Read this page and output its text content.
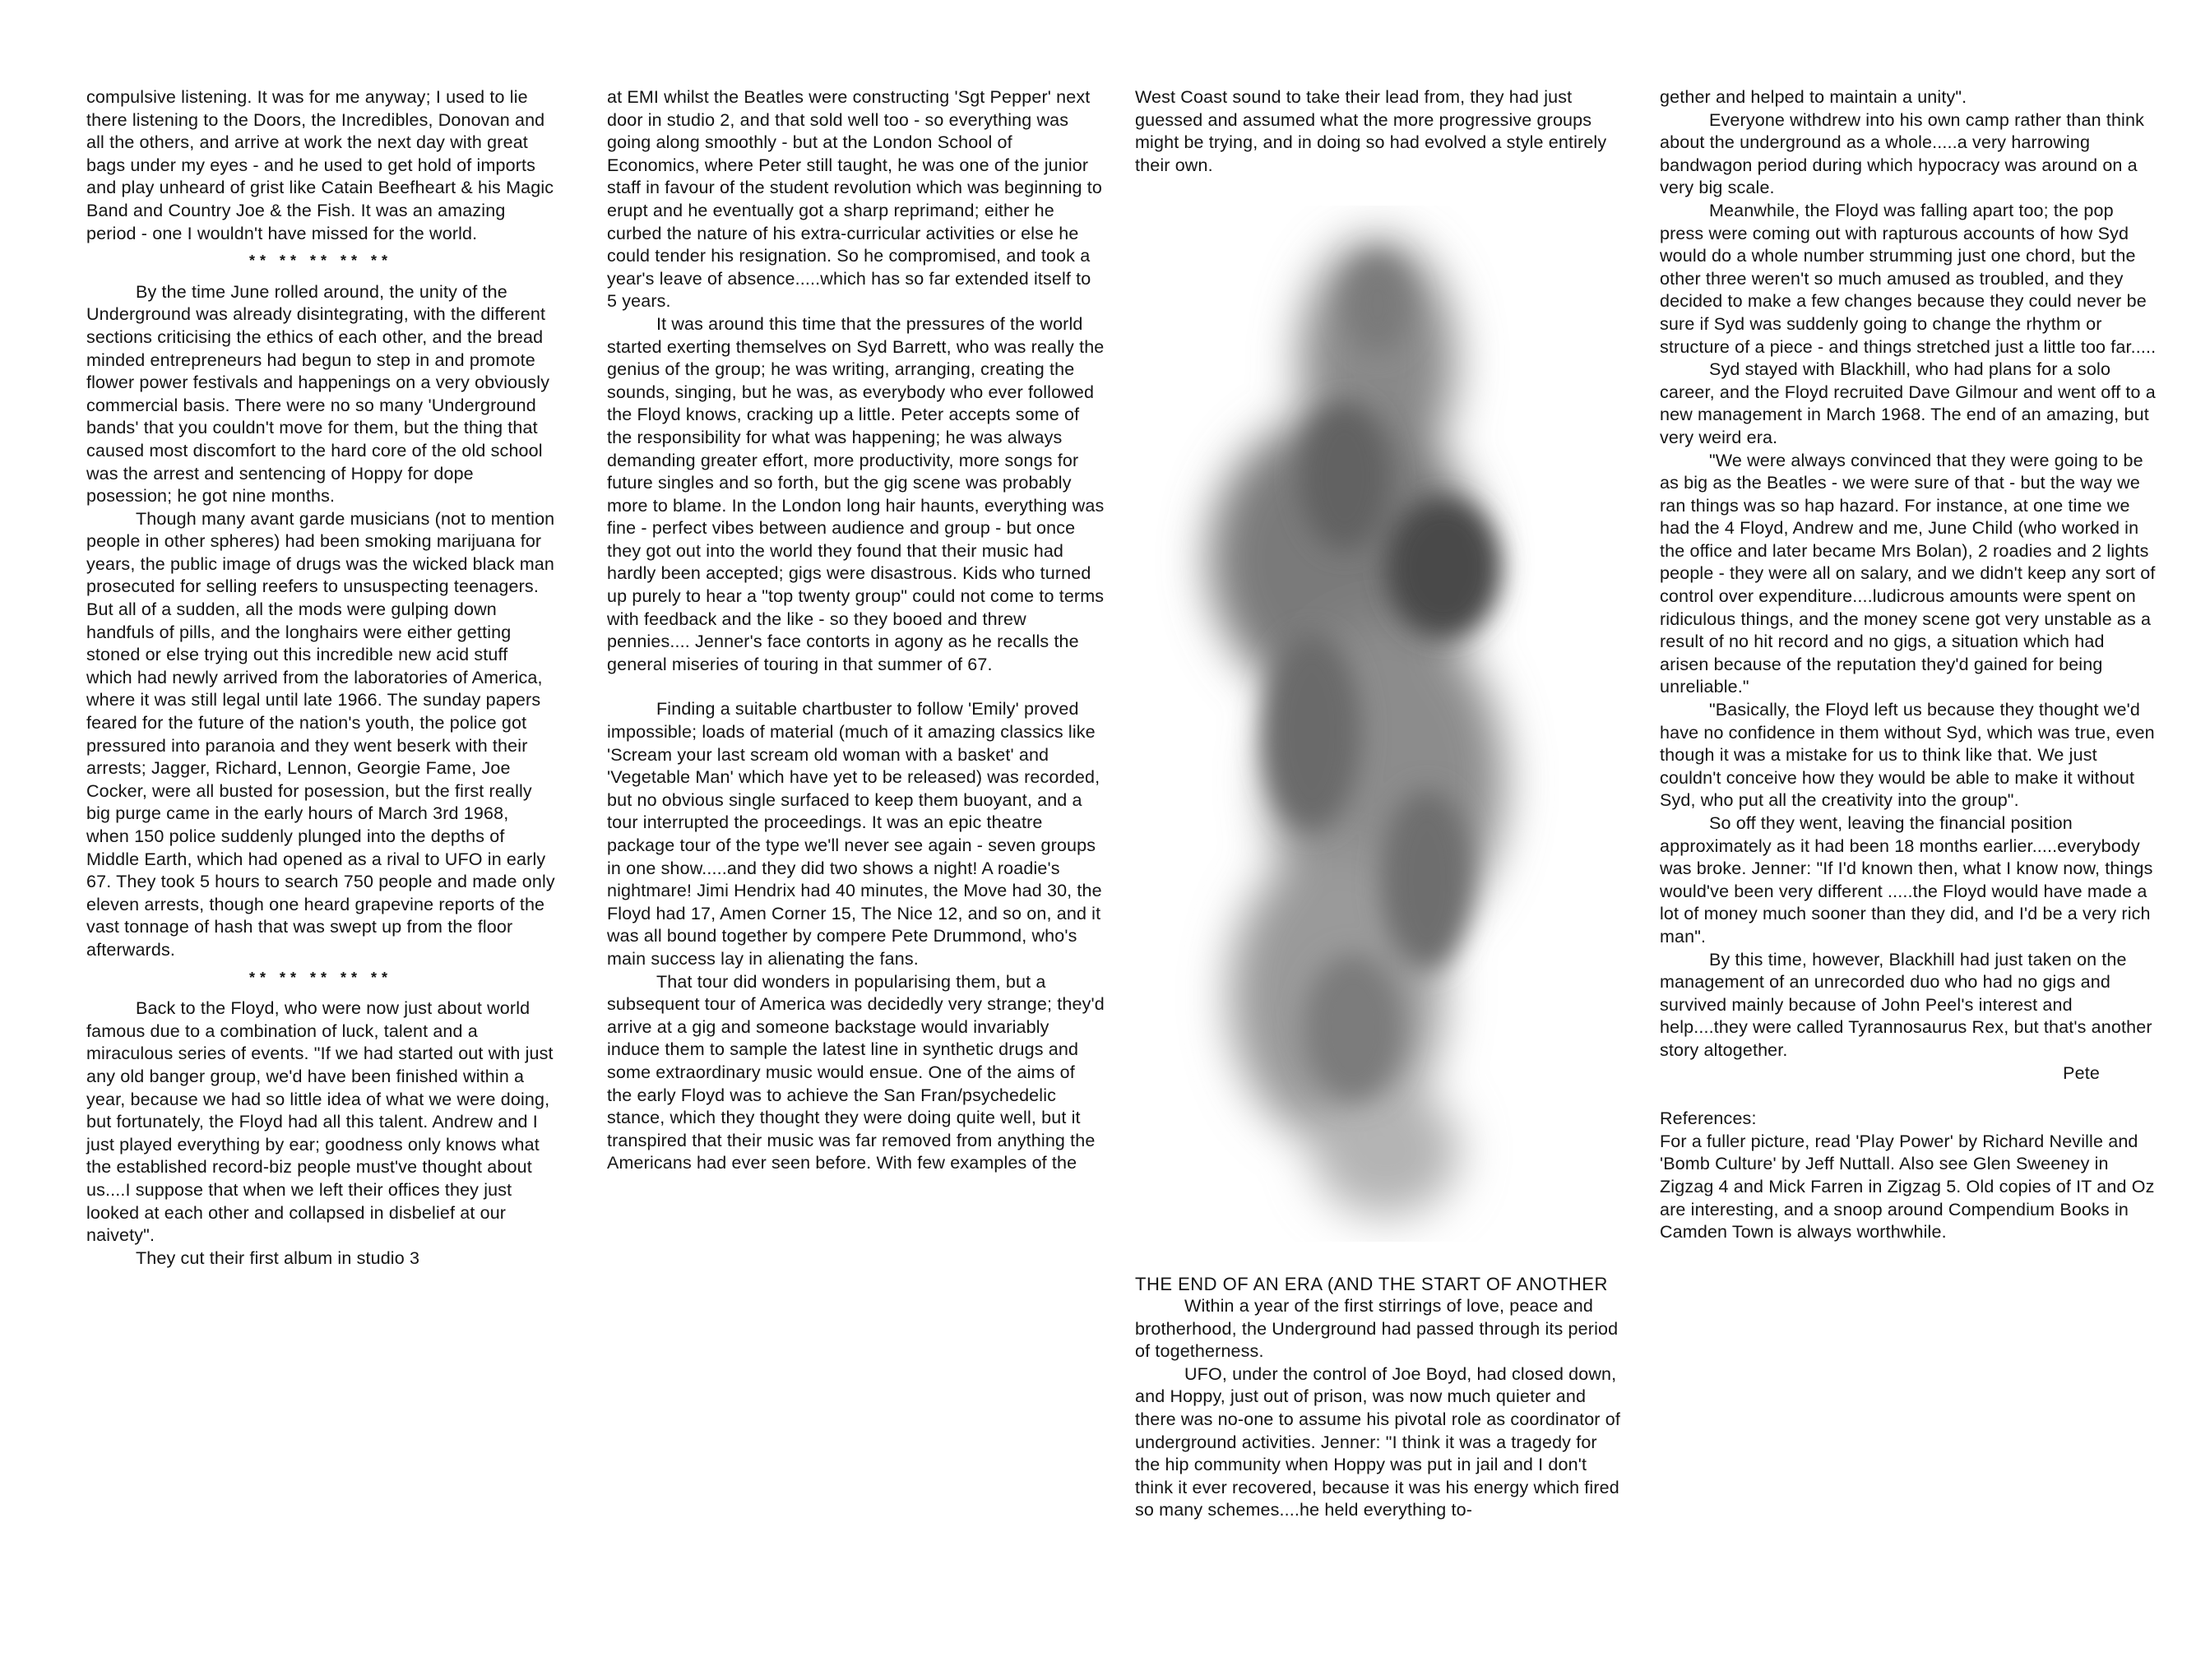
compulsive listening. It was for me anyway; I used to lie there listening to the Doors, the Incredibles, Donovan and all the others, and arrive at work the next day with great bags under my eyes - and he used to get hold of imports and play unheard of grist like Catain Beefheart & his Magic Band and Country Joe & the Fish. It was an amazing period - one I wouldn't have missed for the world.

** ** ** ** **

By the time June rolled around, the unity of the Underground was already disintegrating, with the different sections criticising the ethics of each other, and the bread minded entrepreneurs had begun to step in and promote flower power festivals and happenings on a very obviously commercial basis. There were no so many 'Underground bands' that you couldn't move for them, but the thing that caused most discomfort to the hard core of the old school was the arrest and sentencing of Hoppy for dope posession; he got nine months.

Though many avant garde musicians (not to mention people in other spheres) had been smoking marijuana for years, the public image of drugs was the wicked black man prosecuted for selling reefers to unsuspecting teenagers. But all of a sudden, all the mods were gulping down handfuls of pills, and the longhairs were either getting stoned or else trying out this incredible new acid stuff which had newly arrived from the laboratories of America, where it was still legal until late 1966. The sunday papers feared for the future of the nation's youth, the police got pressured into paranoia and they went beserk with their arrests; Jagger, Richard, Lennon, Georgie Fame, Joe Cocker, were all busted for posession, but the first really big purge came in the early hours of March 3rd 1968, when 150 police suddenly plunged into the depths of Middle Earth, which had opened as a rival to UFO in early 67. They took 5 hours to search 750 people and made only eleven arrests, though one heard grapevine reports of the vast tonnage of hash that was swept up from the floor afterwards.

** ** ** ** **

Back to the Floyd, who were now just about world famous due to a combination of luck, talent and a miraculous series of events. "If we had started out with just any old banger group, we'd have been finished within a year, because we had so little idea of what we were doing, but fortunately, the Floyd had all this talent. Andrew and I just played everything by ear; goodness only knows what the established record-biz people must've thought about us....I suppose that when we left their offices they just looked at each other and collapsed in disbelief at our naivety".

They cut their first album in studio 3

at EMI whilst the Beatles were constructing 'Sgt Pepper' next door in studio 2, and that sold well too - so everything was going along smoothly - but at the London School of Economics, where Peter still taught, he was one of the junior staff in favour of the student revolution which was beginning to erupt and he eventually got a sharp reprimand; either he curbed the nature of his extra-curricular activities or else he could tender his resignation. So he compromised, and took a year's leave of absence.....which has so far extended itself to 5 years.

It was around this time that the pressures of the world started exerting themselves on Syd Barrett, who was really the genius of the group; he was writing, arranging, creating the sounds, singing, but he was, as everybody who ever followed the Floyd knows, cracking up a little. Peter accepts some of the responsibility for what was happening; he was always demanding greater effort, more productivity, more songs for future singles and so forth, but the gig scene was probably more to blame. In the London long hair haunts, everything was fine - perfect vibes between audience and group - but once they got out into the world they found that their music had hardly been accepted; gigs were disastrous. Kids who turned up purely to hear a "top twenty group" could not come to terms with feedback and the like - so they booed and threw pennies.... Jenner's face contorts in agony as he recalls the general miseries of touring in that summer of 67.

Finding a suitable chartbuster to follow 'Emily' proved impossible; loads of material (much of it amazing classics like 'Scream your last scream old woman with a basket' and 'Vegetable Man' which have yet to be released) was recorded, but no obvious single surfaced to keep them buoyant, and a tour interrupted the proceedings. It was an epic theatre package tour of the type we'll never see again - seven groups in one show.....and they did two shows a night! A roadie's nightmare! Jimi Hendrix had 40 minutes, the Move had 30, the Floyd had 17, Amen Corner 15, The Nice 12, and so on, and it was all bound together by compere Pete Drummond, who's main success lay in alienating the fans.

That tour did wonders in popularising them, but a subsequent tour of America was decidedly very strange; they'd arrive at a gig and someone backstage would invariably induce them to sample the latest line in synthetic drugs and some extraordinary music would ensue. One of the aims of the early Floyd was to achieve the San Fran/psychedelic stance, which they thought they were doing quite well, but it transpired that their music was far removed from anything the Americans had ever seen before. With few examples of the

West Coast sound to take their lead from, they had just guessed and assumed what the more progressive groups might be trying, and in doing so had evolved a style entirely their own.

THE END OF AN ERA (AND THE START OF ANOTHER

Within a year of the first stirrings of love, peace and brotherhood, the Underground had passed through its period of togetherness.

UFO, under the control of Joe Boyd, had closed down, and Hoppy, just out of prison, was now much quieter and there was no-one to assume his pivotal role as coordinator of underground activities. Jenner: "I think it was a tragedy for the hip community when Hoppy was put in jail and I don't think it ever recovered, because it was his energy which fired so many schemes....he held everything to-

gether and helped to maintain a unity".

Everyone withdrew into his own camp rather than think about the underground as a whole.....a very harrowing bandwagon period during which hypocracy was around on a very big scale.

Meanwhile, the Floyd was falling apart too; the pop press were coming out with rapturous accounts of how Syd would do a whole number strumming just one chord, but the other three weren't so much amused as troubled, and they decided to make a few changes because they could never be sure if Syd was suddenly going to change the rhythm or structure of a piece - and things stretched just a little too far.....

Syd stayed with Blackhill, who had plans for a solo career, and the Floyd recruited Dave Gilmour and went off to a new management in March 1968. The end of an amazing, but very weird era.

"We were always convinced that they were going to be as big as the Beatles - we were sure of that - but the way we ran things was so hap hazard. For instance, at one time we had the 4 Floyd, Andrew and me, June Child (who worked in the office and later became Mrs Bolan), 2 roadies and 2 lights people - they were all on salary, and we didn't keep any sort of control over expenditure....ludicrous amounts were spent on ridiculous things, and the money scene got very unstable as a result of no hit record and no gigs, a situation which had arisen because of the reputation they'd gained for being unreliable."

"Basically, the Floyd left us because they thought we'd have no confidence in them without Syd, which was true, even though it was a mistake for us to think like that. We just couldn't conceive how they would be able to make it without Syd, who put all the creativity into the group".

So off they went, leaving the financial position approximately as it had been 18 months earlier.....everybody was broke. Jenner: "If I'd known then, what I know now, things would've been very different .....the Floyd would have made a lot of money much sooner than they did, and I'd be a very rich man".

By this time, however, Blackhill had just taken on the management of an unrecorded duo who had no gigs and survived mainly because of John Peel's interest and help....they were called Tyrannosaurus Rex, but that's another story altogether.

Pete

References:

For a fuller picture, read 'Play Power' by Richard Neville and 'Bomb Culture' by Jeff Nuttall. Also see Glen Sweeney in Zigzag 4 and Mick Farren in Zigzag 5. Old copies of IT and Oz are interesting, and a snoop around Compendium Books in Camden Town is always worthwhile.
